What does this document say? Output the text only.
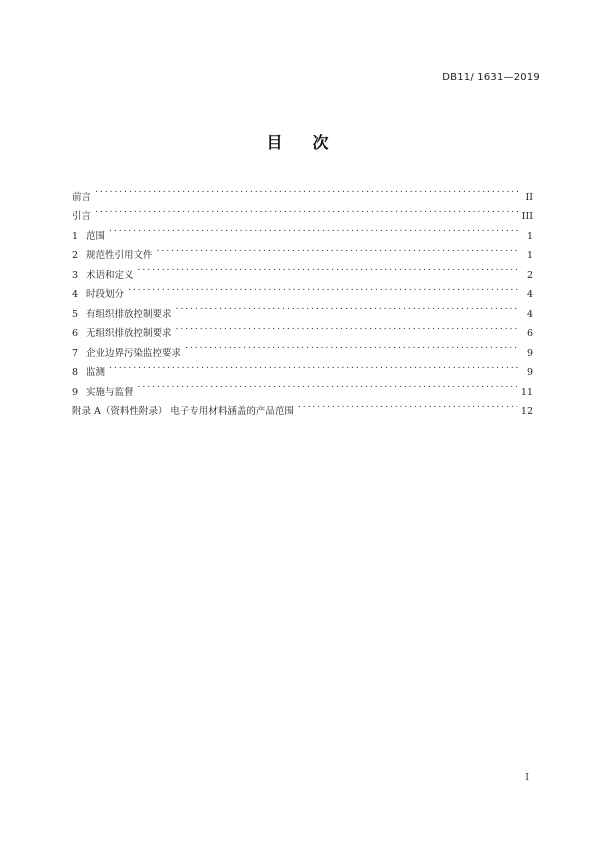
DB11/ 1631—2019
目次
前言 . . .	II
引言 . . .	III
1 范围 . . .	1
2 规范性引用文件 . . .	1
3 术语和定义 . . .	2
4 时段划分 . . .	4
5 有组织排放控制要求 . . .	4
6 无组织排放控制要求 . . .	6
7 企业边界污染监控要求 . . .	9
8 监测 . . .	9
9 实施与监督 . . .	11
附录 A（资料性附录） 电子专用材料涵盖的产品范围 . . .	12
I
